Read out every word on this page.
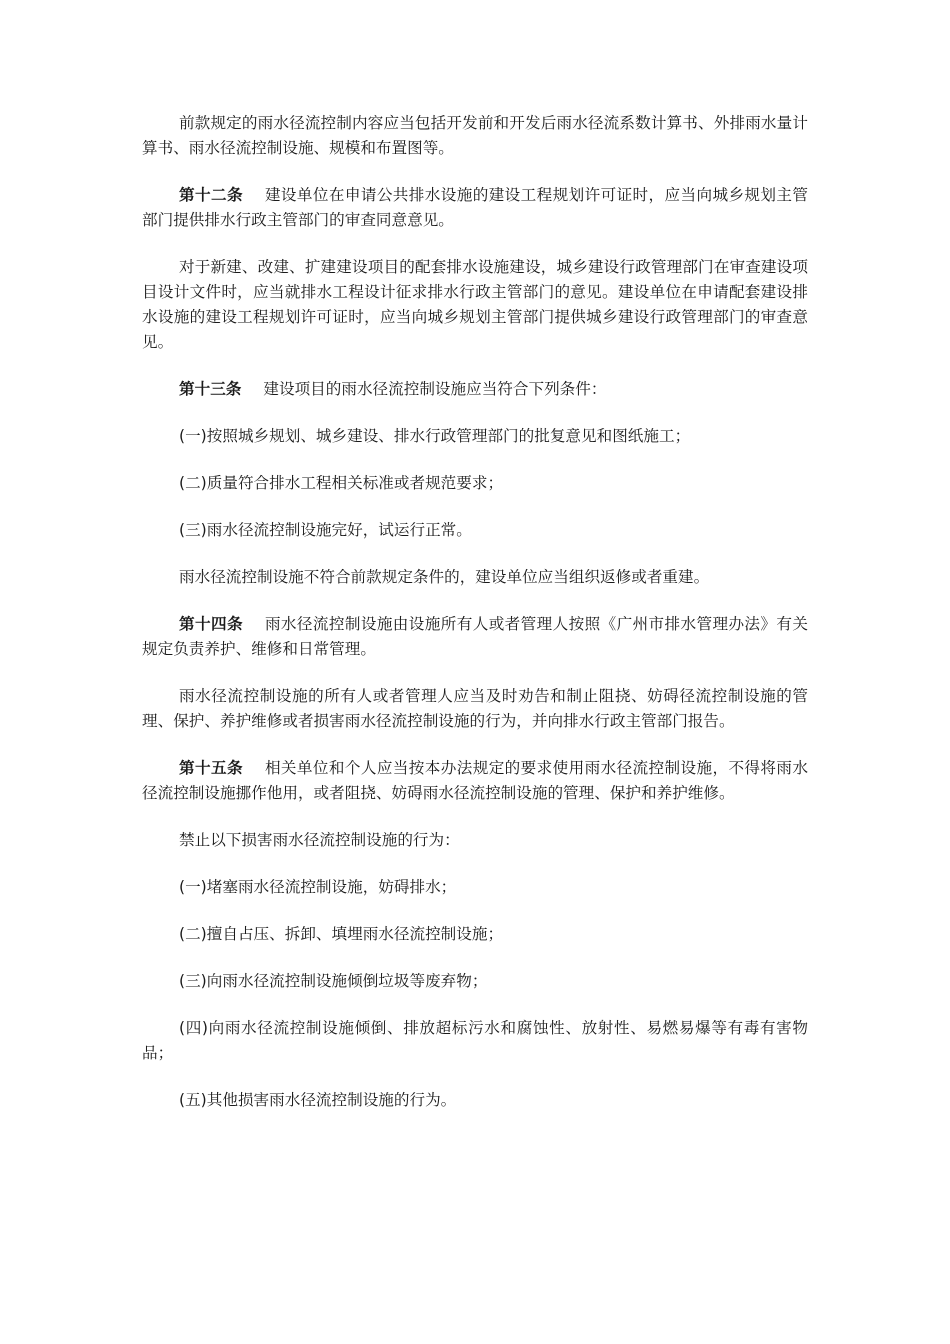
前款规定的雨水径流控制内容应当包括开发前和开发后雨水径流系数计算书、外排雨水量计算书、雨水径流控制设施、规模和布置图等。

第十二条 建设单位在申请公共排水设施的建设工程规划许可证时，应当向城乡规划主管部门提供排水行政主管部门的审查同意意见。

对于新建、改建、扩建建设项目的配套排水设施建设，城乡建设行政管理部门在审查建设项目设计文件时，应当就排水工程设计征求排水行政主管部门的意见。建设单位在申请配套建设排水设施的建设工程规划许可证时，应当向城乡规划主管部门提供城乡建设行政管理部门的审查意见。

第十三条 建设项目的雨水径流控制设施应当符合下列条件：

(一)按照城乡规划、城乡建设、排水行政管理部门的批复意见和图纸施工；

(二)质量符合排水工程相关标准或者规范要求；

(三)雨水径流控制设施完好，试运行正常。

雨水径流控制设施不符合前款规定条件的，建设单位应当组织返修或者重建。

第十四条 雨水径流控制设施由设施所有人或者管理人按照《广州市排水管理办法》有关规定负责养护、维修和日常管理。

雨水径流控制设施的所有人或者管理人应当及时劝告和制止阻挠、妨碍径流控制设施的管理、保护、养护维修或者损害雨水径流控制设施的行为，并向排水行政主管部门报告。

第十五条 相关单位和个人应当按本办法规定的要求使用雨水径流控制设施，不得将雨水径流控制设施挪作他用，或者阻挠、妨碍雨水径流控制设施的管理、保护和养护维修。

禁止以下损害雨水径流控制设施的行为：

(一)堵塞雨水径流控制设施，妨碍排水；

(二)擅自占压、拆卸、填埋雨水径流控制设施；

(三)向雨水径流控制设施倾倒垃圾等废弃物；

(四)向雨水径流控制设施倾倒、排放超标污水和腐蚀性、放射性、易燃易爆等有毒有害物品；

(五)其他损害雨水径流控制设施的行为。
